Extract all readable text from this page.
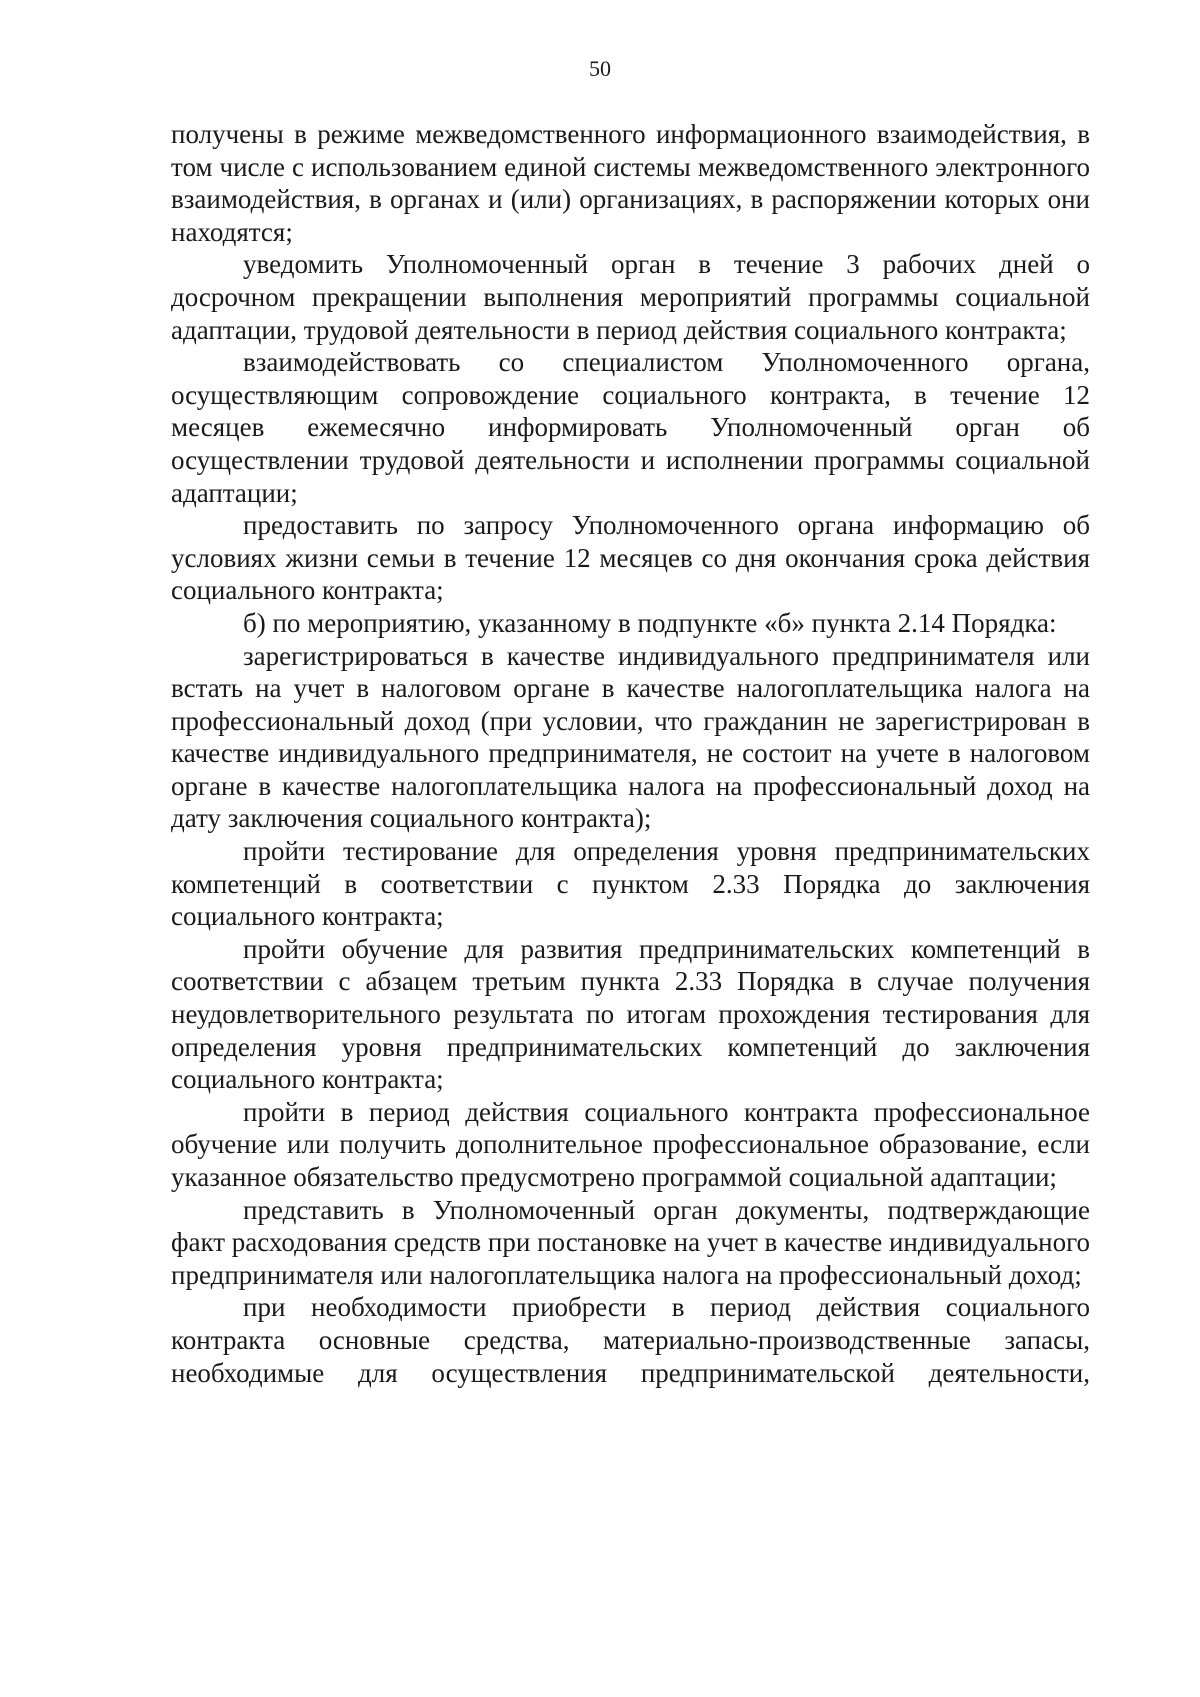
50

получены в режиме межведомственного информационного взаимодействия, в том числе с использованием единой системы межведомственного электронного взаимодействия, в органах и (или) организациях, в распоряжении которых они находятся;

уведомить Уполномоченный орган в течение 3 рабочих дней о досрочном прекращении выполнения мероприятий программы социальной адаптации, трудовой деятельности в период действия социального контракта;

взаимодействовать со специалистом Уполномоченного органа, осуществляющим сопровождение социального контракта, в течение 12 месяцев ежемесячно информировать Уполномоченный орган об осуществлении трудовой деятельности и исполнении программы социальной адаптации;

предоставить по запросу Уполномоченного органа информацию об условиях жизни семьи в течение 12 месяцев со дня окончания срока действия социального контракта;

б) по мероприятию, указанному в подпункте «б» пункта 2.14 Порядка:

зарегистрироваться в качестве индивидуального предпринимателя или встать на учет в налоговом органе в качестве налогоплательщика налога на профессиональный доход (при условии, что гражданин не зарегистрирован в качестве индивидуального предпринимателя, не состоит на учете в налоговом органе в качестве налогоплательщика налога на профессиональный доход на дату заключения социального контракта);

пройти тестирование для определения уровня предпринимательских компетенций в соответствии с пунктом 2.33 Порядка до заключения социального контракта;

пройти обучение для развития предпринимательских компетенций в соответствии с абзацем третьим пункта 2.33 Порядка в случае получения неудовлетворительного результата по итогам прохождения тестирования для определения уровня предпринимательских компетенций до заключения социального контракта;

пройти в период действия социального контракта профессиональное обучение или получить дополнительное профессиональное образование, если указанное обязательство предусмотрено программой социальной адаптации;

представить в Уполномоченный орган документы, подтверждающие факт расходования средств при постановке на учет в качестве индивидуального предпринимателя или налогоплательщика налога на профессиональный доход;

при необходимости приобрести в период действия социального контракта основные средства, материально-производственные запасы, необходимые для осуществления предпринимательской деятельности,
